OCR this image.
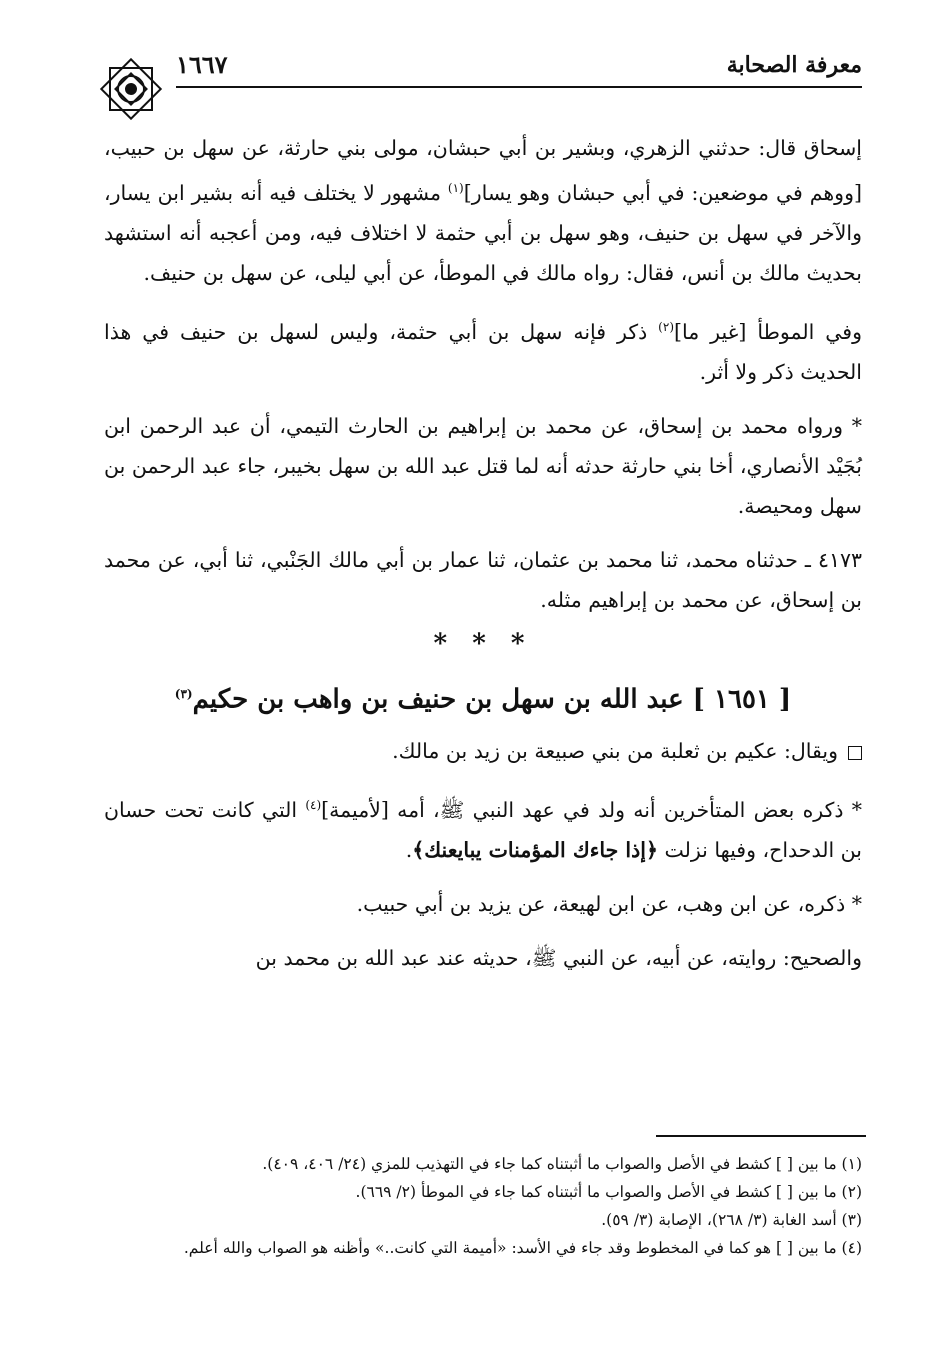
معرفة الصحابة
١٦٦٧

إسحاق قال: حدثني الزهري، وبشير بن أبي حبشان، مولى بني حارثة، عن سهل بن حبيب، [ووهم في موضعين: في أبي حبشان وهو يسار]$^{(١)}$ مشهور لا يختلف فيه أنه بشير ابن يسار، والآخر في سهل بن حنيف، وهو سهل بن أبي حثمة لا اختلاف فيه، ومن أعجبه أنه استشهد بحديث مالك بن أنس، فقال: رواه مالك في الموطأ، عن أبي ليلى، عن سهل بن حنيف.

وفي الموطأ [غير ما]$^{(٢)}$ ذكر فإنه سهل بن أبي حثمة، وليس لسهل بن حنيف في هذا الحديث ذكر ولا أثر.

* ورواه محمد بن إسحاق، عن محمد بن إبراهيم بن الحارث التيمي، أن عبد الرحمن ابن بُجَيْد الأنصاري، أخا بني حارثة حدثه أنه لما قتل عبد الله بن سهل بخيبر، جاء عبد الرحمن بن سهل ومحيصة.

٤١٧٣ ـ حدثناه محمد، ثنا محمد بن عثمان، ثنا عمار بن أبي مالك الجَنْبي، ثنا أبي، عن محمد بن إسحاق، عن محمد بن إبراهيم مثله.

* * *
[ ١٦٥١ ] عبد الله بن سهل بن حنيف بن واهب بن حكيم$^{(٣)}$

ويقال: عكيم بن ثعلبة من بني صبيعة بن زيد بن مالك.

* ذكره بعض المتأخرين أنه ولد في عهد النبي ﷺ، أمه [لأميمة]$^{(٤)}$ التي كانت تحت حسان بن الدحداح، وفيها نزلت ﴿إذا جاءك المؤمنات يبايعنك﴾.

* ذكره، عن ابن وهب، عن ابن لهيعة، عن يزيد بن أبي حبيب.

والصحيح: روايته، عن أبيه، عن النبي ﷺ، حديثه عند عبد الله بن محمد بن

(١) ما بين [ ] كشط في الأصل والصواب ما أثبتناه كما جاء في التهذيب للمزي (٢٤/ ٤٠٦، ٤٠٩).

(٢) ما بين [ ] كشط في الأصل والصواب ما أثبتناه كما جاء في الموطأ (٢/ ٦٦٩).

(٣) أسد الغابة (٣/ ٢٦٨)، الإصابة (٣/ ٥٩).

(٤) ما بين [ ] هو كما في المخطوط وقد جاء في الأسد: «أميمة التي كانت..» وأظنه هو الصواب والله أعلم.
